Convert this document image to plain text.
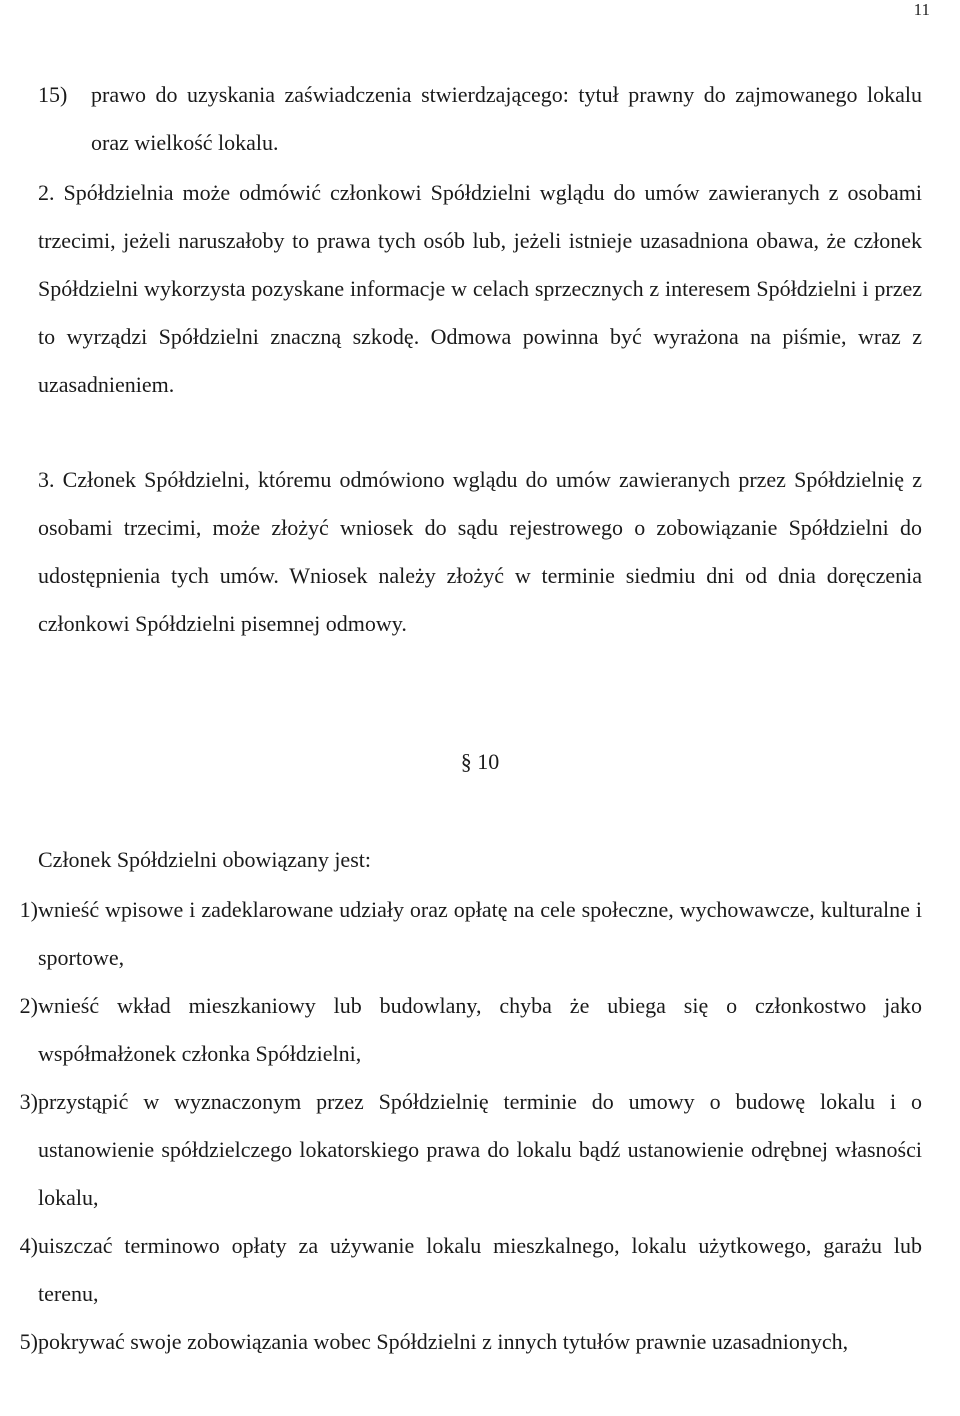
11
15)	prawo do uzyskania zaświadczenia stwierdzającego: tytuł prawny do zajmowanego lokalu oraz wielkość lokalu.

2. Spółdzielnia może odmówić członkowi Spółdzielni wglądu do umów zawieranych z osobami trzecimi, jeżeli naruszałoby to prawa tych osób lub, jeżeli istnieje uzasadniona obawa, że członek Spółdzielni wykorzysta pozyskane informacje w celach sprzecznych z interesem Spółdzielni i przez to wyrządzi Spółdzielni znaczną szkodę. Odmowa powinna być wyrażona na piśmie, wraz z uzasadnieniem.

3. Członek Spółdzielni, któremu odmówiono wglądu do umów zawieranych przez Spółdzielnię z osobami trzecimi, może złożyć wniosek do sądu rejestrowego o zobowiązanie Spółdzielni do udostępnienia tych umów. Wniosek należy złożyć w terminie siedmiu dni od dnia doręczenia członkowi Spółdzielni pisemnej odmowy.

§ 10
Członek Spółdzielni obowiązany jest:
1) wnieść wpisowe i zadeklarowane udziały oraz opłatę na cele społeczne, wychowawcze, kulturalne i sportowe,
2) wnieść wkład mieszkaniowy lub budowlany, chyba że ubiega się o członkostwo jako współmałżonek członka Spółdzielni,
3) przystąpić w wyznaczonym przez Spółdzielnię terminie do umowy o budowę lokalu i o ustanowienie spółdzielczego lokatorskiego prawa do lokalu bądź ustanowienie odrębnej własności lokalu,
4) uiszczać terminowo opłaty za używanie lokalu mieszkalnego, lokalu użytkowego, garażu lub terenu,
5) pokrywać swoje zobowiązania wobec Spółdzielni z innych tytułów prawnie uzasadnionych,
